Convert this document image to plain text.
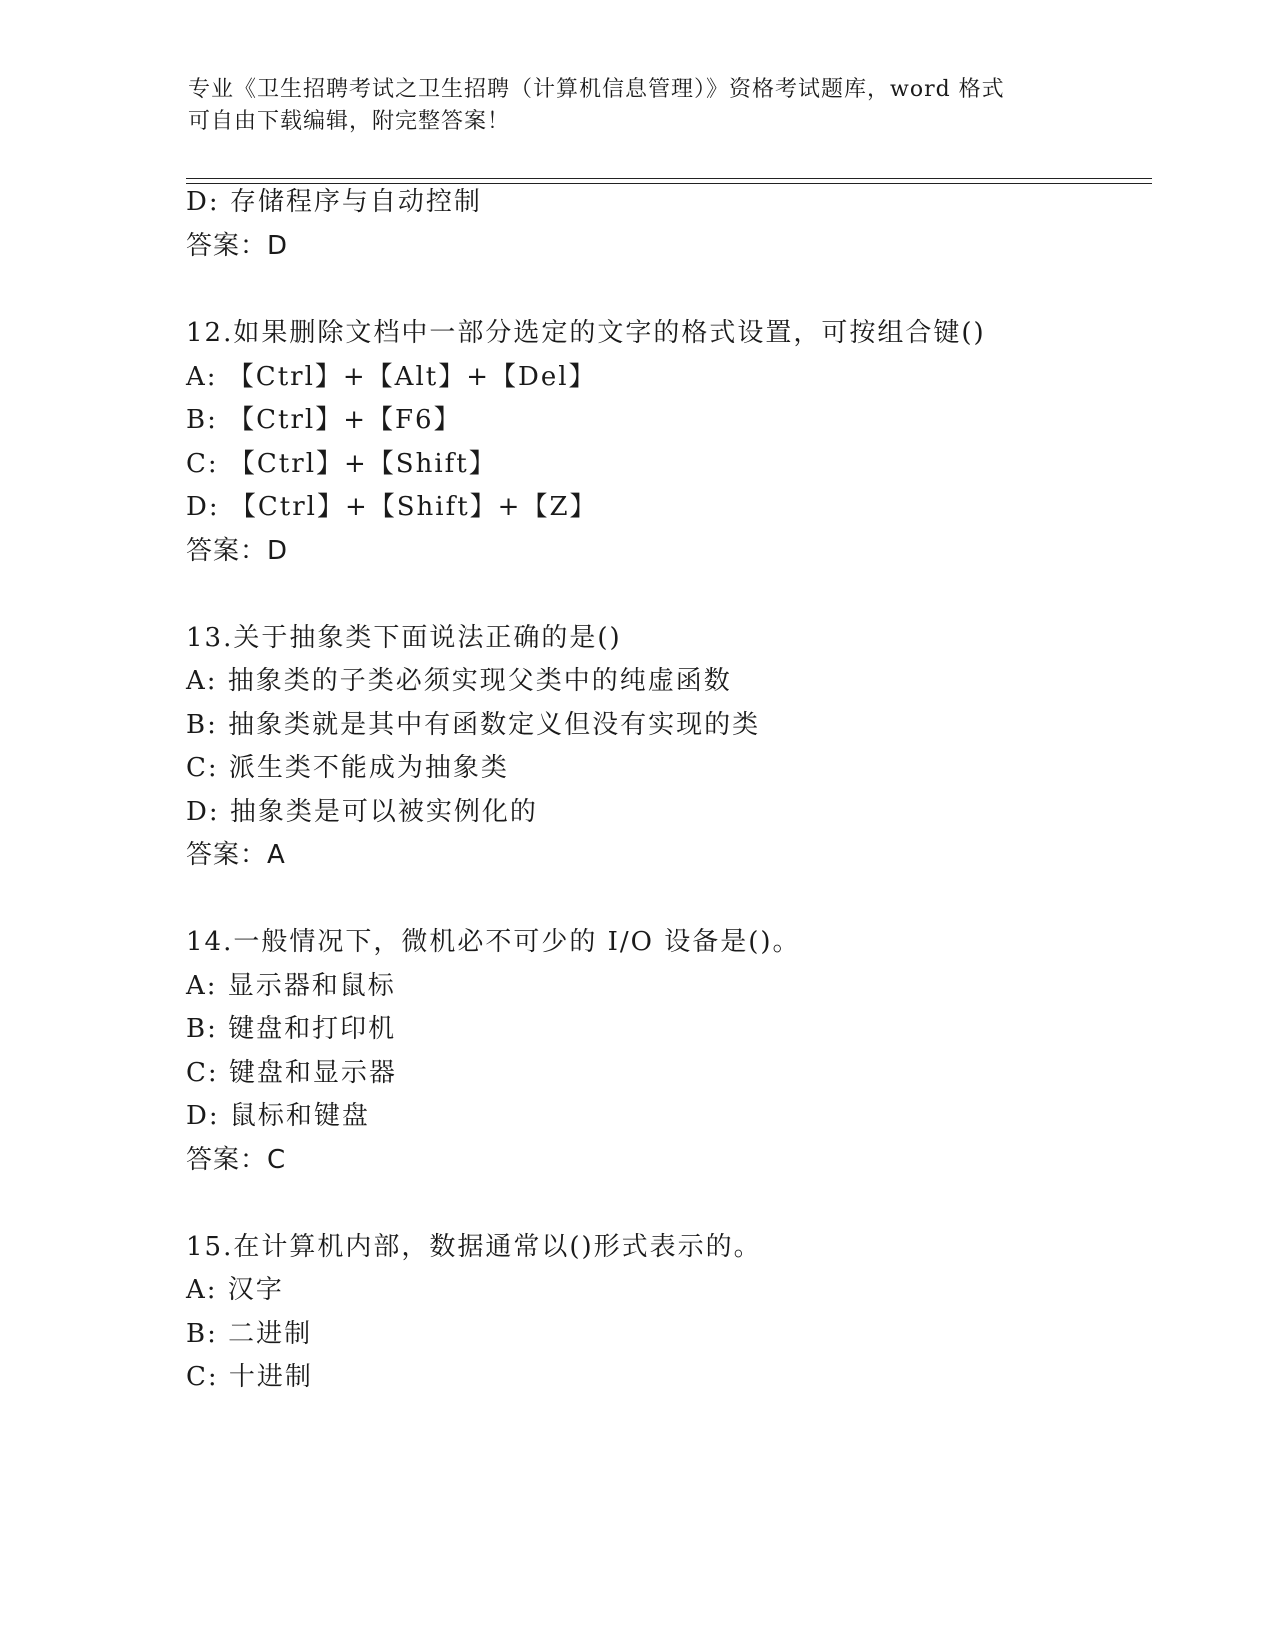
专业《卫生招聘考试之卫生招聘（计算机信息管理）》资格考试题库，word 格式
可自由下载编辑，附完整答案！
D: 存储程序与自动控制
答案：D
12.如果删除文档中一部分选定的文字的格式设置，可按组合键()
A: 【Ctrl】+【Alt】+【Del】
B: 【Ctrl】+【F6】
C: 【Ctrl】+【Shift】
D: 【Ctrl】+【Shift】+【Z】
答案：D
13.关于抽象类下面说法正确的是()
A: 抽象类的子类必须实现父类中的纯虚函数
B: 抽象类就是其中有函数定义但没有实现的类
C: 派生类不能成为抽象类
D: 抽象类是可以被实例化的
答案：A
14.一般情况下，微机必不可少的 I/O 设备是()。
A: 显示器和鼠标
B: 键盘和打印机
C: 键盘和显示器
D: 鼠标和键盘
答案：C
15.在计算机内部，数据通常以()形式表示的。
A: 汉字
B: 二进制
C: 十进制
